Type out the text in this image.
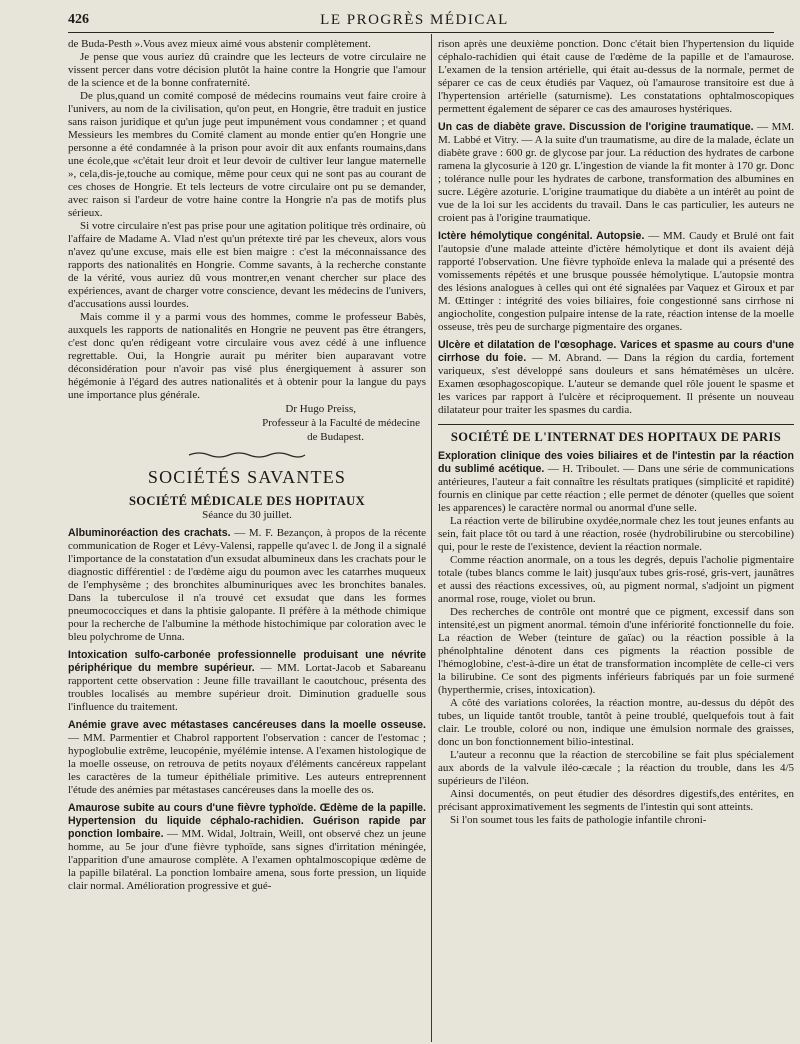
426	LE PROGRÈS MÉDICAL

de Buda-Pesth ».Vous avez mieux aimé vous abstenir complètement.

Je pense que vous auriez dû craindre que les lecteurs de votre circulaire ne vissent percer dans votre décision plutôt la haine contre la Hongrie que l'amour de la science et de la bonne confraternité.

De plus,quand un comité composé de médecins roumains veut faire croire à l'univers, au nom de la civilisation, qu'on peut, en Hongrie, être traduit en justice sans raison juridique et qu'un juge peut impunément vous condamner ; et quand Messieurs les membres du Comité clament au monde entier qu'en Hongrie une personne a été condamnée à la prison pour avoir dit aux enfants roumains,dans une école,que «c'était leur droit et leur devoir de cultiver leur langue maternelle », cela,dis-je,touche au comique, même pour ceux qui ne sont pas au courant de ces choses de Hongrie. Et tels lecteurs de votre circulaire ont pu se demander, avec raison si l'ardeur de votre haine contre la Hongrie n'a pas de motifs plus sérieux.

Si votre circulaire n'est pas prise pour une agitation politique très ordinaire, où l'affaire de Madame A. Vlad n'est qu'un prétexte tiré par les cheveux, alors vous n'avez qu'une excuse, mais elle est bien maigre : c'est la méconnaissance des rapports des nationalités en Hongrie. Comme savants, à la recherche constante de la vérité, vous auriez dû vous montrer,en venant chercher sur place des expériences, avant de charger votre conscience, devant les médecins de l'univers, d'accusations aussi lourdes.

Mais comme il y a parmi vous des hommes, comme le professeur Babès, auxquels les rapports de nationalités en Hongrie ne peuvent pas être étrangers, c'est donc qu'en rédigeant votre circulaire vous avez cédé à une influence regrettable. Oui, la Hongrie aurait pu mériter bien auparavant votre déconsidération pour n'avoir pas visé plus énergiquement à assurer son hégémonie à l'égard des autres nationalités et à obtenir pour la langue du pays une importance plus générale.

Dr Hugo Preiss,
Professeur à la Faculté de médecine
de Budapest.
SOCIÉTÉS SAVANTES
SOCIÉTÉ MÉDICALE DES HOPITAUX
Séance du 30 juillet.

Albuminoréaction des crachats. — M. F. Bezançon, à propos de la récente communication de Roger et Lévy-Valensi, rappelle qu'avec l. de Jong il a signalé l'importance de la constatation d'un exsudat albumineux dans les crachats pour le diagnostic différentiel : de l'œdème aigu du poumon avec les catarrhes muqueux de l'emphysème ; des bronchites albuminuriques avec les bronchites banales. Dans la tuberculose il n'a trouvé cet exsudat que dans les formes pneumococciques et dans la phtisie galopante. Il préfère à la méthode chimique pour la recherche de l'albumine la méthode histochimique par coloration avec le bleu polychrome de Unna.

Intoxication sulfo-carbonée professionnelle produisant une névrite périphérique du membre supérieur. — MM. Lortat-Jacob et Sabareanu rapportent cette observation : Jeune fille travaillant le caoutchouc, présenta des troubles localisés au membre supérieur droit. Diminution graduelle sous l'influence du traitement.

Anémie grave avec métastases cancéreuses dans la moelle osseuse. — MM. Parmentier et Chabrol rapportent l'observation : cancer de l'estomac ; hypoglobulie extrême, leucopénie, myélémie intense. A l'examen histologique de la moelle osseuse, on retrouva de petits noyaux d'éléments cancéreux rappelant les caractères de la tumeur épithéliale primitive. Les auteurs entreprennent l'étude des anémies par métastases cancéreuses dans la moelle des os.

Amaurose subite au cours d'une fièvre typhoïde. Œdème de la papille. Hypertension du liquide céphalo-rachidien. Guérison rapide par ponction lombaire. — MM. Widal, Joltrain, Weill, ont observé chez un jeune homme, au 5e jour d'une fièvre typhoïde, sans signes d'irritation méningée, l'apparition d'une amaurose complète. A l'examen ophtalmoscopique œdème de la papille bilatéral. La ponction lombaire amena, sous forte pression, un liquide clair normal. Amélioration progressive et gué-

rison après une deuxième ponction. Donc c'était bien l'hypertension du liquide céphalo-rachidien qui était cause de l'œdème de la papille et de l'amaurose. L'examen de la tension artérielle, qui était au-dessus de la normale, permet de séparer ce cas de ceux étudiés par Vaquez, où l'amaurose transitoire est due à l'hypertension artérielle (saturnisme). Les constatations ophtalmoscopiques permettent également de séparer ce cas des amauroses hystériques.

Un cas de diabète grave. Discussion de l'origine traumatique. — MM. M. Labbé et Vitry. — A la suite d'un traumatisme, au dire de la malade, éclate un diabète grave : 600 gr. de glycose par jour. La réduction des hydrates de carbone ramena la glycosurie à 120 gr. L'ingestion de viande la fit monter à 170 gr. Donc ; tolérance nulle pour les hydrates de carbone, transformation des albumines en sucre. Légère azoturie. L'origine traumatique du diabète a un intérêt au point de vue de la loi sur les accidents du travail. Dans le cas particulier, les auteurs ne croient pas à l'origine traumatique.

Ictère hémolytique congénital. Autopsie. — MM. Caudy et Brulé ont fait l'autopsie d'une malade atteinte d'ictère hémolytique et dont ils avaient déjà rapporté l'observation. Une fièvre typhoïde enleva la malade qui a présenté des vomissements répétés et une brusque poussée hémolytique. L'autopsie montra des lésions analogues à celles qui ont été signalées par Vaquez et Giroux et par M. Œttinger : intégrité des voies biliaires, foie congestionné sans cirrhose ni angiocholite, congestion pulpaire intense de la rate, réaction intense de la moelle osseuse, très peu de surcharge pigmentaire des organes.

Ulcère et dilatation de l'œsophage. Varices et spasme au cours d'une cirrhose du foie. — M. Abrand. — Dans la région du cardia, fortement variqueux, s'est développé sans douleurs et sans hématémèses un ulcère. Examen œsophagoscopique. L'auteur se demande quel rôle jouent le spasme et les varices par rapport à l'ulcère et réciproquement. Il présente un nouveau dilatateur pour traiter les spasmes du cardia.

SOCIÉTÉ DE L'INTERNAT DES HOPITAUX DE PARIS

Exploration clinique des voies biliaires et de l'intestin par la réaction du sublimé acétique. — H. Triboulet. — Dans une série de communications antérieures, l'auteur a fait connaître les résultats pratiques (simplicité et rapidité) fournis en clinique par cette réaction ; elle permet de dénoter (quelles que soient les apparences) le caractère normal ou anormal d'une selle.

La réaction verte de bilirubine oxydée,normale chez les tout jeunes enfants au sein, fait place tôt ou tard à une réaction, rosée (hydrobilirubine ou stercobiline) qui, pour le reste de l'existence, devient la réaction normale.

Comme réaction anormale, on a tous les degrés, depuis l'acholie pigmentaire totale (tubes blancs comme le lait) jusqu'aux tubes gris-rosé, gris-vert, jaunâtres et aussi des réactions excessives, où, au pigment normal, s'adjoint un pigment anormal rose, rouge, violet ou brun.

Des recherches de contrôle ont montré que ce pigment, excessif dans son intensité,est un pigment anormal. témoin d'une infériorité fonctionnelle du foie. La réaction de Weber (teinture de gaïac) ou la réaction possible à la phénolphtaline dénotent dans ces pigments la réaction possible de l'hémoglobine, c'est-à-dire un état de transformation incomplète de celle-ci vers la bilirubine. Ce sont des pigments inférieurs fabriqués par un foie surmené (hyperthermie, crises, intoxication).

A côté des variations colorées, la réaction montre, au-dessus du dépôt des tubes, un liquide tantôt trouble, tantôt à peine troublé, quelquefois tout à fait clair. Le trouble, coloré ou non, indique une émulsion normale des graisses, donc un bon fonctionnement bilio-intestinal.

L'auteur a reconnu que la réaction de stercobiline se fait plus spécialement aux abords de la valvule iléo-cæcale ; la réaction du trouble, dans les 4/5 supérieurs de l'iléon.

Ainsi documentés, on peut étudier des désordres digestifs,des entérites, en précisant approximativement les segments de l'intestin qui sont atteints.

Si l'on soumet tous les faits de pathologie infantile chroni-
